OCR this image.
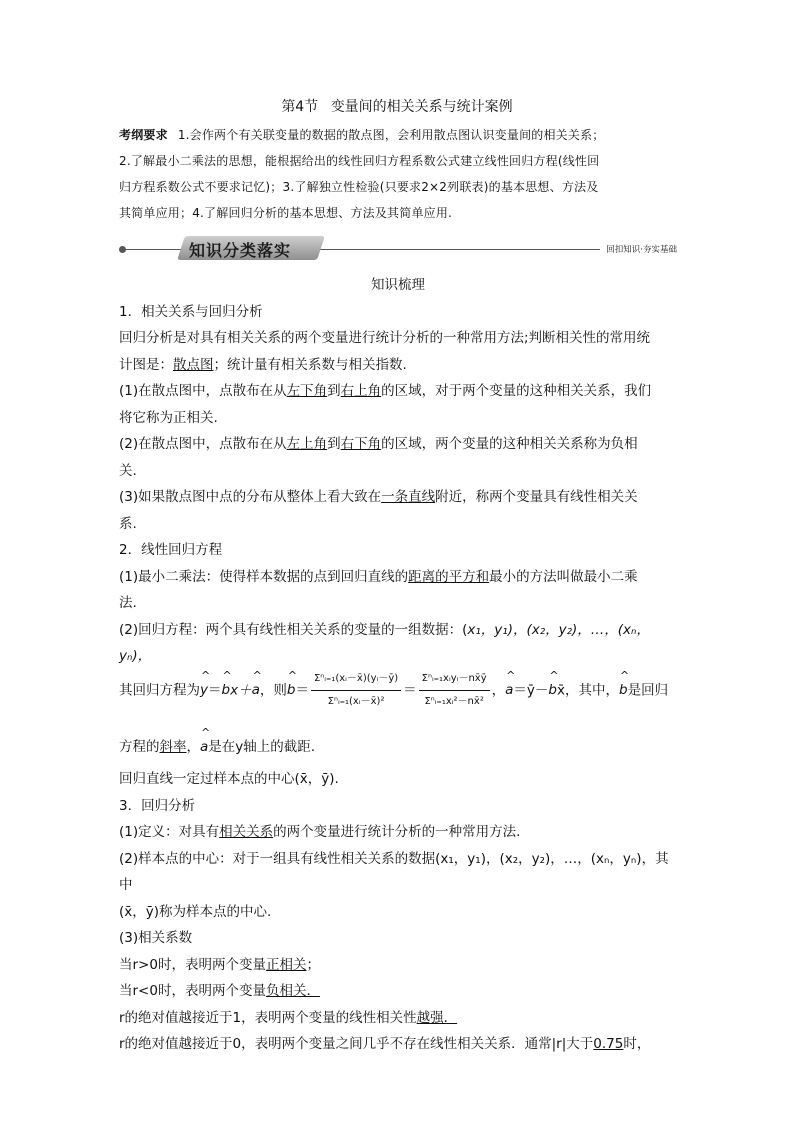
第4节 变量间的相关关系与统计案例
考纲要求 1.会作两个有关联变量的数据的散点图，会利用散点图认识变量间的相关关系；
2.了解最小二乘法的思想，能根据给出的线性回归方程系数公式建立线性回归方程(线性回
归方程系数公式不要求记忆)；3.了解独立性检验(只要求2×2列联表)的基本思想、方法及
其简单应用；4.了解回归分析的基本思想、方法及其简单应用.
知识分类落实	回扣知识·夯实基础

知识梳理

1．相关关系与回归分析

回归分析是对具有相关关系的两个变量进行统计分析的一种常用方法;判断相关性的常用统
计图是：散点图；统计量有相关系数与相关指数.

(1)在散点图中，点散布在从左下角到右上角的区域，对于两个变量的这种相关关系，我们
将它称为正相关.

(2)在散点图中，点散布在从左上角到右下角的区域，两个变量的这种相关关系称为负相
关.

(3)如果散点图中点的分布从整体上看大致在一条直线附近，称两个变量具有线性相关关
系.

2．线性回归方程

(1)最小二乘法：使得样本数据的点到回归直线的距离的平方和最小的方法叫做最小二乘
法.

(2)回归方程：两个具有线性相关关系的变量的一组数据：(x₁，y₁)，(x₂，y₂)，…，(xₙ，yₙ)，

其回归方程为^ y＝^ bx＋^ a，则^ $b= \frac{\text{Σⁿᵢ₌₁(xᵢ－x̄)(yᵢ－ȳ)}}{\text{Σⁿᵢ₌₁(xᵢ－x̄)²}} = \frac{\text{Σⁿᵢ₌₁xᵢyᵢ－nx̄ȳ}}{\text{Σⁿᵢ₌₁xᵢ²－nx̄²}}$ ，^ a＝ȳ－^ bx̄，其中，^ b是回归

方程的斜率，^ a是在y轴上的截距.

回归直线一定过样本点的中心(x̄，ȳ).

3．回归分析

(1)定义：对具有相关关系的两个变量进行统计分析的一种常用方法.

(2)样本点的中心：对于一组具有线性相关关系的数据(x₁，y₁)，(x₂，y₂)，…，(xₙ，yₙ)，其中
(x̄，ȳ)称为样本点的中心.

(3)相关系数

当r>0时，表明两个变量正相关；

当r<0时，表明两个变量负相关．

r的绝对值越接近于1，表明两个变量的线性相关性越强．

r的绝对值越接近于0，表明两个变量之间几乎不存在线性相关关系．通常|r|大于0.75时，
